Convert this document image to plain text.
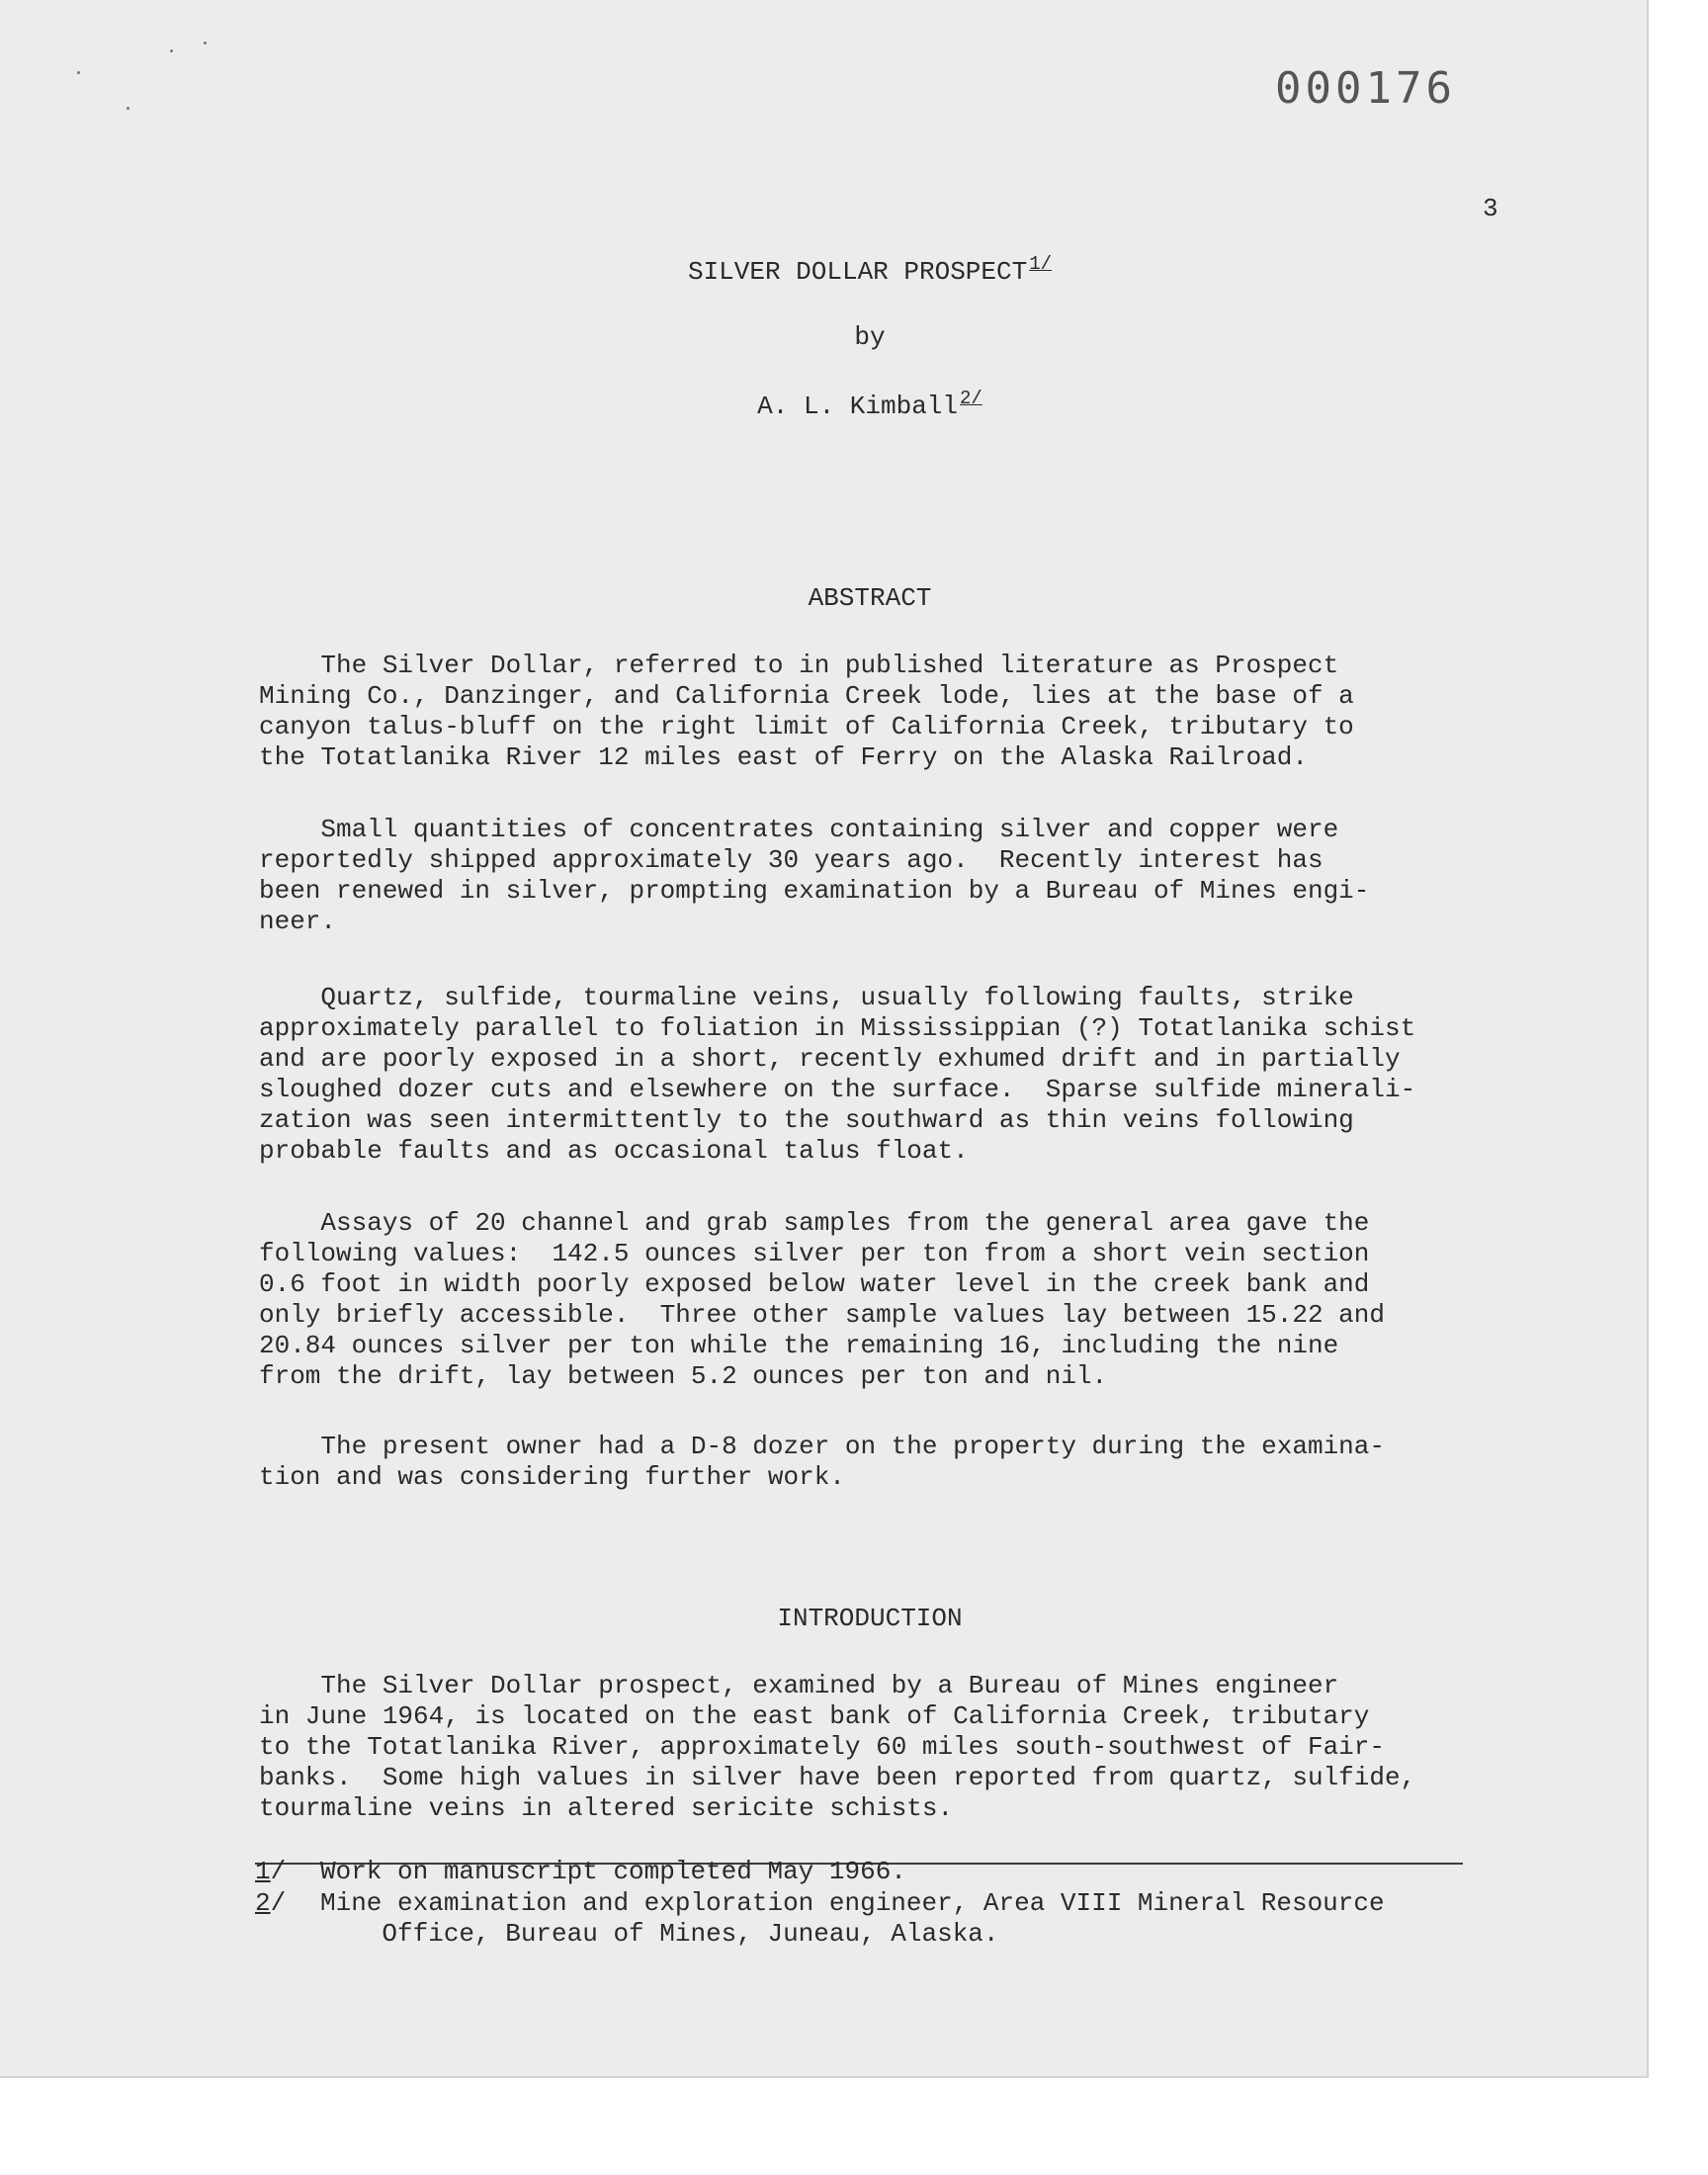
000176
3
SILVER DOLLAR PROSPECT $^{1/}$
by
A. L. Kimball $^{2/}$
ABSTRACT
The Silver Dollar, referred to in published literature as Prospect
Mining Co., Danzinger, and California Creek lode, lies at the base of a
canyon talus-bluff on the right limit of California Creek, tributary to
the Totatlanika River 12 miles east of Ferry on the Alaska Railroad.
Small quantities of concentrates containing silver and copper were
reportedly shipped approximately 30 years ago.  Recently interest has
been renewed in silver, prompting examination by a Bureau of Mines engi-
neer.
Quartz, sulfide, tourmaline veins, usually following faults, strike
approximately parallel to foliation in Mississippian (?) Totatlanika schist
and are poorly exposed in a short, recently exhumed drift and in partially
sloughed dozer cuts and elsewhere on the surface.  Sparse sulfide minerali-
zation was seen intermittently to the southward as thin veins following
probable faults and as occasional talus float.
Assays of 20 channel and grab samples from the general area gave the
following values:  142.5 ounces silver per ton from a short vein section
0.6 foot in width poorly exposed below water level in the creek bank and
only briefly accessible.  Three other sample values lay between 15.22 and
20.84 ounces silver per ton while the remaining 16, including the nine
from the drift, lay between 5.2 ounces per ton and nil.
The present owner had a D-8 dozer on the property during the examina-
tion and was considering further work.
INTRODUCTION
The Silver Dollar prospect, examined by a Bureau of Mines engineer
in June 1964, is located on the east bank of California Creek, tributary
to the Totatlanika River, approximately 60 miles south-southwest of Fair-
banks.  Some high values in silver have been reported from quartz, sulfide,
tourmaline veins in altered sericite schists.
1/	Work on manuscript completed May 1966.
2/	Mine examination and exploration engineer, Area VIII Mineral Resource
Office, Bureau of Mines, Juneau, Alaska.
